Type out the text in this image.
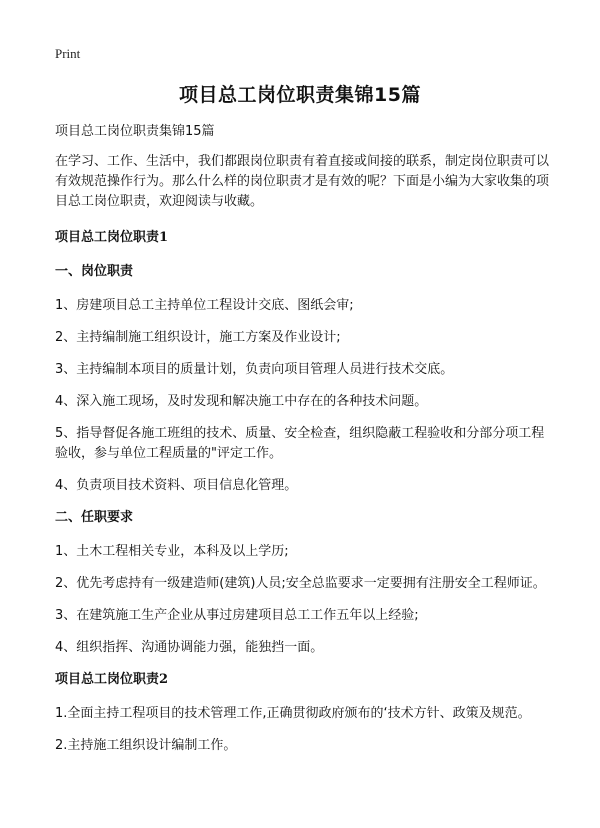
Print
项目总工岗位职责集锦15篇

项目总工岗位职责集锦15篇

在学习、工作、生活中，我们都跟岗位职责有着直接或间接的联系，制定岗位职责可以有效规范操作行为。那么什么样的岗位职责才是有效的呢？下面是小编为大家收集的项目总工岗位职责，欢迎阅读与收藏。

项目总工岗位职责1

一、岗位职责

1、房建项目总工主持单位工程设计交底、图纸会审;

2、主持编制施工组织设计，施工方案及作业设计;

3、主持编制本项目的质量计划，负责向项目管理人员进行技术交底。

4、深入施工现场，及时发现和解决施工中存在的各种技术问题。

5、指导督促各施工班组的技术、质量、安全检查，组织隐蔽工程验收和分部分项工程验收，参与单位工程质量的"评定工作。

4、负责项目技术资料、项目信息化管理。

二、任职要求

1、土木工程相关专业，本科及以上学历;

2、优先考虑持有一级建造师(建筑)人员;安全总监要求一定要拥有注册安全工程师证。

3、在建筑施工生产企业从事过房建项目总工工作五年以上经验;

4、组织指挥、沟通协调能力强，能独挡一面。

项目总工岗位职责2

1.全面主持工程项目的技术管理工作,正确贯彻政府颁布的‘技术方针、政策及规范。

2.主持施工组织设计编制工作。
